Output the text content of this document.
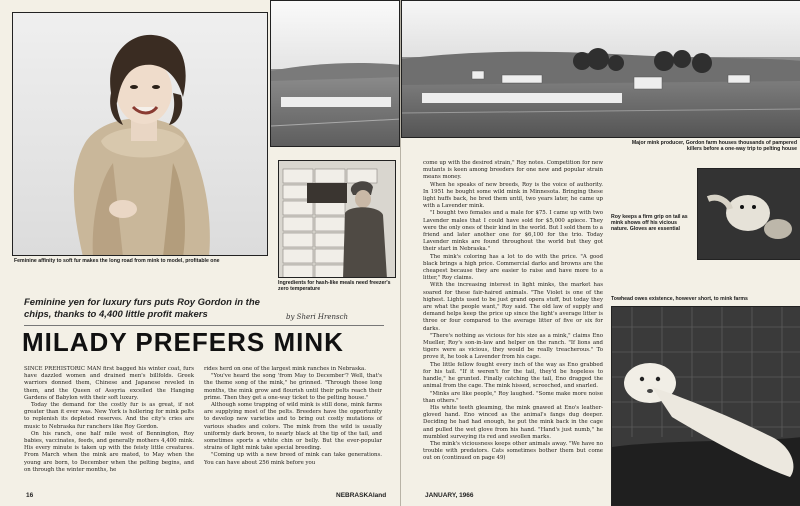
Feminine affinity to soft fur makes the long road from mink to model, profitable one
Ingredients for hash-like meals need freezer's zero temperature
Feminine yen for luxury furs puts Roy Gordon in the chips, thanks to 4,400 little profit makers	by Sheri Hrensch
MILADY PREFERS MINK

SINCE PREHISTORIC MAN first bagged his winter coat, furs have dazzled women and drained men's billfolds. Greek warriors donned them, Chinese and Japanese reveled in them, and the Queen of Assyria excelled the Hanging Gardens of Babylon with their soft luxury.

Today the demand for the costly fur is as great, if not greater than it ever was. New York is hollering for mink pelts to replenish its depleted reserves. And the city's cries are music to Nebraska fur ranchers like Roy Gordon.

On his ranch, one half mile west of Bennington, Roy babies, vaccinates, feeds, and generally mothers 4,400 mink. His every minute is taken up with the feisty little creatures. From March when the mink are mated, to May when the young are born, to December when the pelting begins, and on through the winter months, he

rides herd on one of the largest mink ranches in Nebraska.

"You've heard the song 'from May to December'? Well, that's the theme song of the mink," he grinned. "Through those long months, the mink grow and flourish until their pelts reach their prime. Then they get a one-way ticket to the pelting house."

Although some trapping of wild mink is still done, mink farms are supplying most of the pelts. Breeders have the opportunity to develop new varieties and to bring out costly mutations of various shades and colors. The mink from the wild is usually uniformly dark brown, to nearly black at the tip of the tail, and sometimes sports a white chin or belly. But the ever-popular strains of light mink take special breeding.

"Coming up with a new breed of mink can take generations. You can have about 256 mink before you

16	NEBRASKAland
Major mink producer, Gordon farm houses thousands of pampered killers before a one-way trip to pelting house

come up with the desired strain," Roy notes. Competition for new mutants is keen among breeders for one new and popular strain means money.

When he speaks of new breeds, Roy is the voice of authority. In 1951 he bought some wild mink in Minnesota. Bringing these light huffs back, he bred them until, two years later, he came up with a Lavender mink.

"I bought two females and a male for $75. I came up with two Lavender males that I could have sold for $5,000 apiece. They were the only ones of their kind in the world. But I sold them to a friend and later another one for $6,100 for the trio. Today Lavender minks are found throughout the world but they got their start in Nebraska."

The mink's coloring has a lot to do with the price. "A good black brings a high price. Commercial darks and browns are the cheapest because they are easier to raise and have more to a litter," Roy claims.

With the increasing interest in light minks, the market has soared for these fair-haired animals. "The Violet is one of the highest. Lights used to be just grand opera stuff, but today they are what the people want," Roy said. The old law of supply and demand helps keep the price up since the light's average litter is three or four compared to the average litter of five or six for darks.

"There's nothing as vicious for his size as a mink," claims Eno Mueller, Roy's son-in-law and helper on the ranch. "If lions and tigers were as vicious, they would be really treacherous." To prove it, he took a Lavender from his cage.

The little fellow fought every inch of the way as Eno grabbed for his tail. "If it weren't for the tail, they'd be hopeless to handle," he grunted. Finally catching the tail, Eno dragged the animal from the cage. The mink hissed, screeched, and snarled.

"Minks are like people," Roy laughed. "Some make more noise than others."

His white teeth gleaming, the mink gnawed at Eno's leather-gloved hand. Eno winced as the animal's fangs dug deeper. Deciding he had had enough, he put the mink back in the cage and pulled the wet glove from his hand. "Hand's just numb," he mumbled surveying its red and swollen marks.

The mink's viciousness keeps other animals away. "We have no trouble with predators. Cats sometimes bother them but come out on (continued on page 49)

Roy keeps a firm grip on tail as mink shows off his vicious nature. Gloves are essential
Towhead owes existence, however short, to mink farms
JANUARY, 1966
